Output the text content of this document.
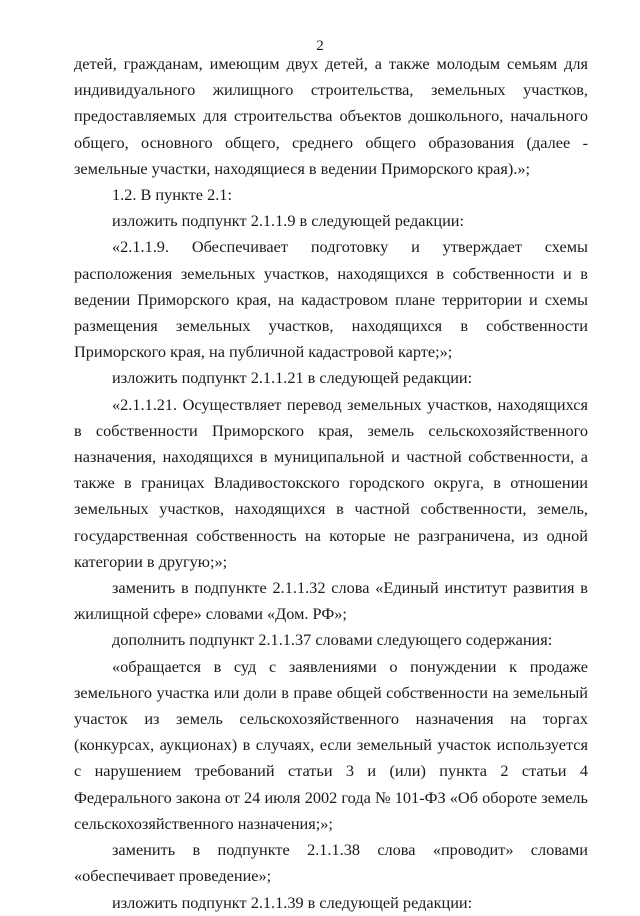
2

детей, гражданам, имеющим двух детей, а также молодым семьям для индивидуального жилищного строительства, земельных участков, предоставляемых для строительства объектов дошкольного, начального общего, основного общего, среднего общего образования (далее - земельные участки, находящиеся в ведении Приморского края).»;

1.2. В пункте 2.1:

изложить подпункт 2.1.1.9 в следующей редакции:

«2.1.1.9. Обеспечивает подготовку и утверждает схемы расположения земельных участков, находящихся в собственности и в ведении Приморского края, на кадастровом плане территории и схемы размещения земельных участков, находящихся в собственности Приморского края, на публичной кадастровой карте;»;

изложить подпункт 2.1.1.21 в следующей редакции:

«2.1.1.21. Осуществляет перевод земельных участков, находящихся в собственности Приморского края, земель сельскохозяйственного назначения, находящихся в муниципальной и частной собственности, а также в границах Владивостокского городского округа, в отношении земельных участков, находящихся в частной собственности, земель, государственная собственность на которые не разграничена, из одной категории в другую;»;

заменить в подпункте 2.1.1.32 слова «Единый институт развития в жилищной сфере» словами «Дом. РФ»;

дополнить подпункт 2.1.1.37 словами следующего содержания:

«обращается в суд с заявлениями о понуждении к продаже земельного участка или доли в праве общей собственности на земельный участок из земель сельскохозяйственного назначения на торгах (конкурсах, аукционах) в случаях, если земельный участок используется с нарушением требований статьи 3 и (или) пункта 2 статьи 4 Федерального закона от 24 июля 2002 года № 101-ФЗ «Об обороте земель сельскохозяйственного назначения;»;

заменить в подпункте 2.1.1.38 слова «проводит» словами «обеспечивает проведение»;

изложить подпункт 2.1.1.39 в следующей редакции:
